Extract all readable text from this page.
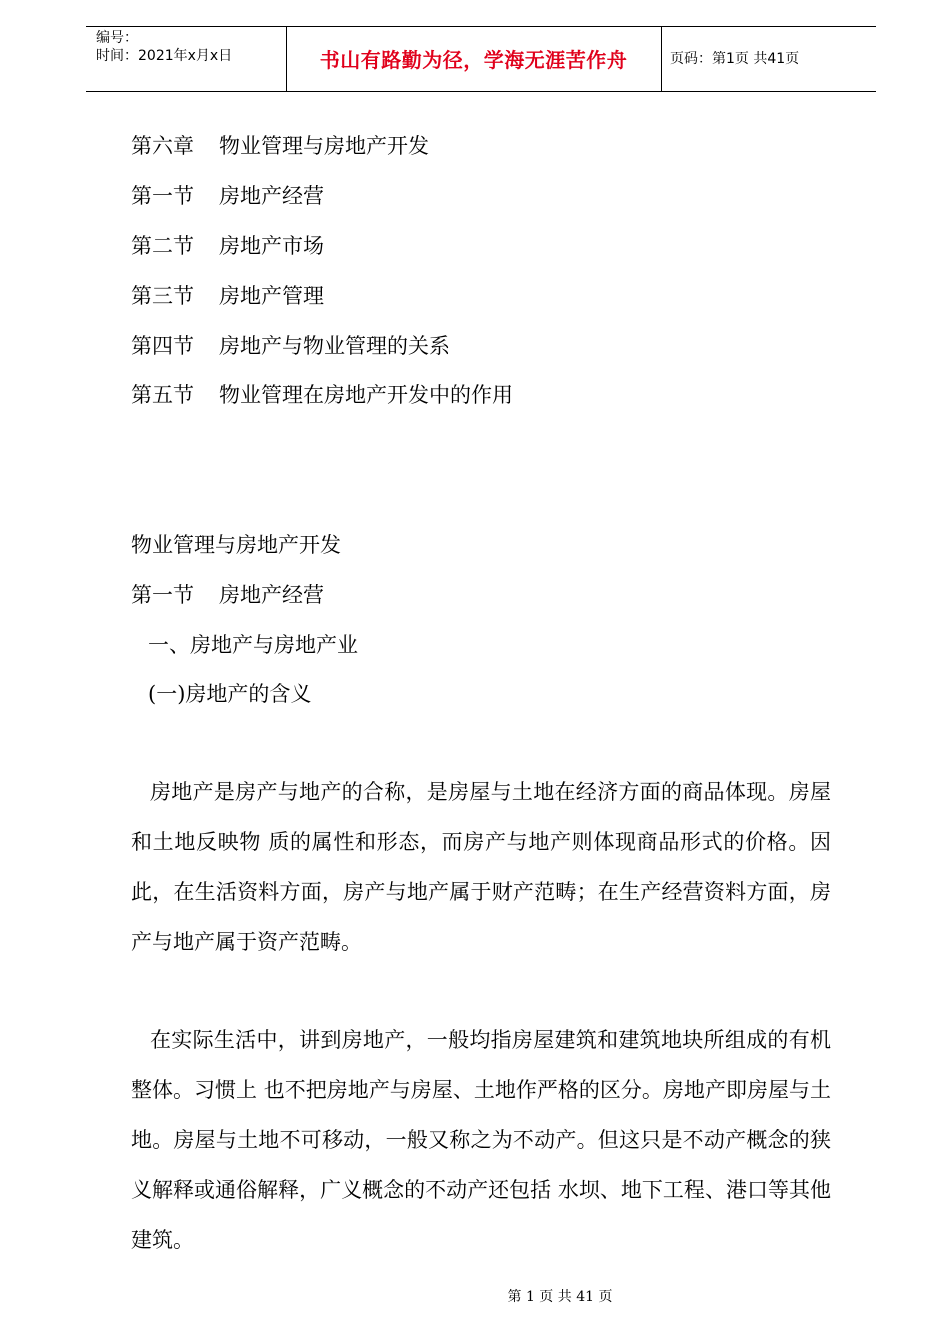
编号：
时间：2021年x月x日	书山有路勤为径，学海无涯苦作舟	页码：第1页 共41页
第六章 物业管理与房地产开发
第一节 房地产经营
第二节 房地产市场
第三节 房地产管理
第四节 房地产与物业管理的关系
第五节 物业管理在房地产开发中的作用
物业管理与房地产开发
第一节 房地产经营
一、房地产与房地产业
(一)房地产的含义
房地产是房产与地产的合称，是房屋与土地在经济方面的商品体现。房屋和土地反映物 质的属性和形态，而房产与地产则体现商品形式的价格。因此，在生活资料方面，房产与地产属于财产范畴；在生产经营资料方面，房产与地产属于资产范畴。
在实际生活中，讲到房地产，一般均指房屋建筑和建筑地块所组成的有机整体。习惯上 也不把房地产与房屋、土地作严格的区分。房地产即房屋与土地。房屋与土地不可移动，一般又称之为不动产。但这只是不动产概念的狭义解释或通俗解释，广义概念的不动产还包括 水坝、地下工程、港口等其他建筑。
第 1 页 共 41 页
